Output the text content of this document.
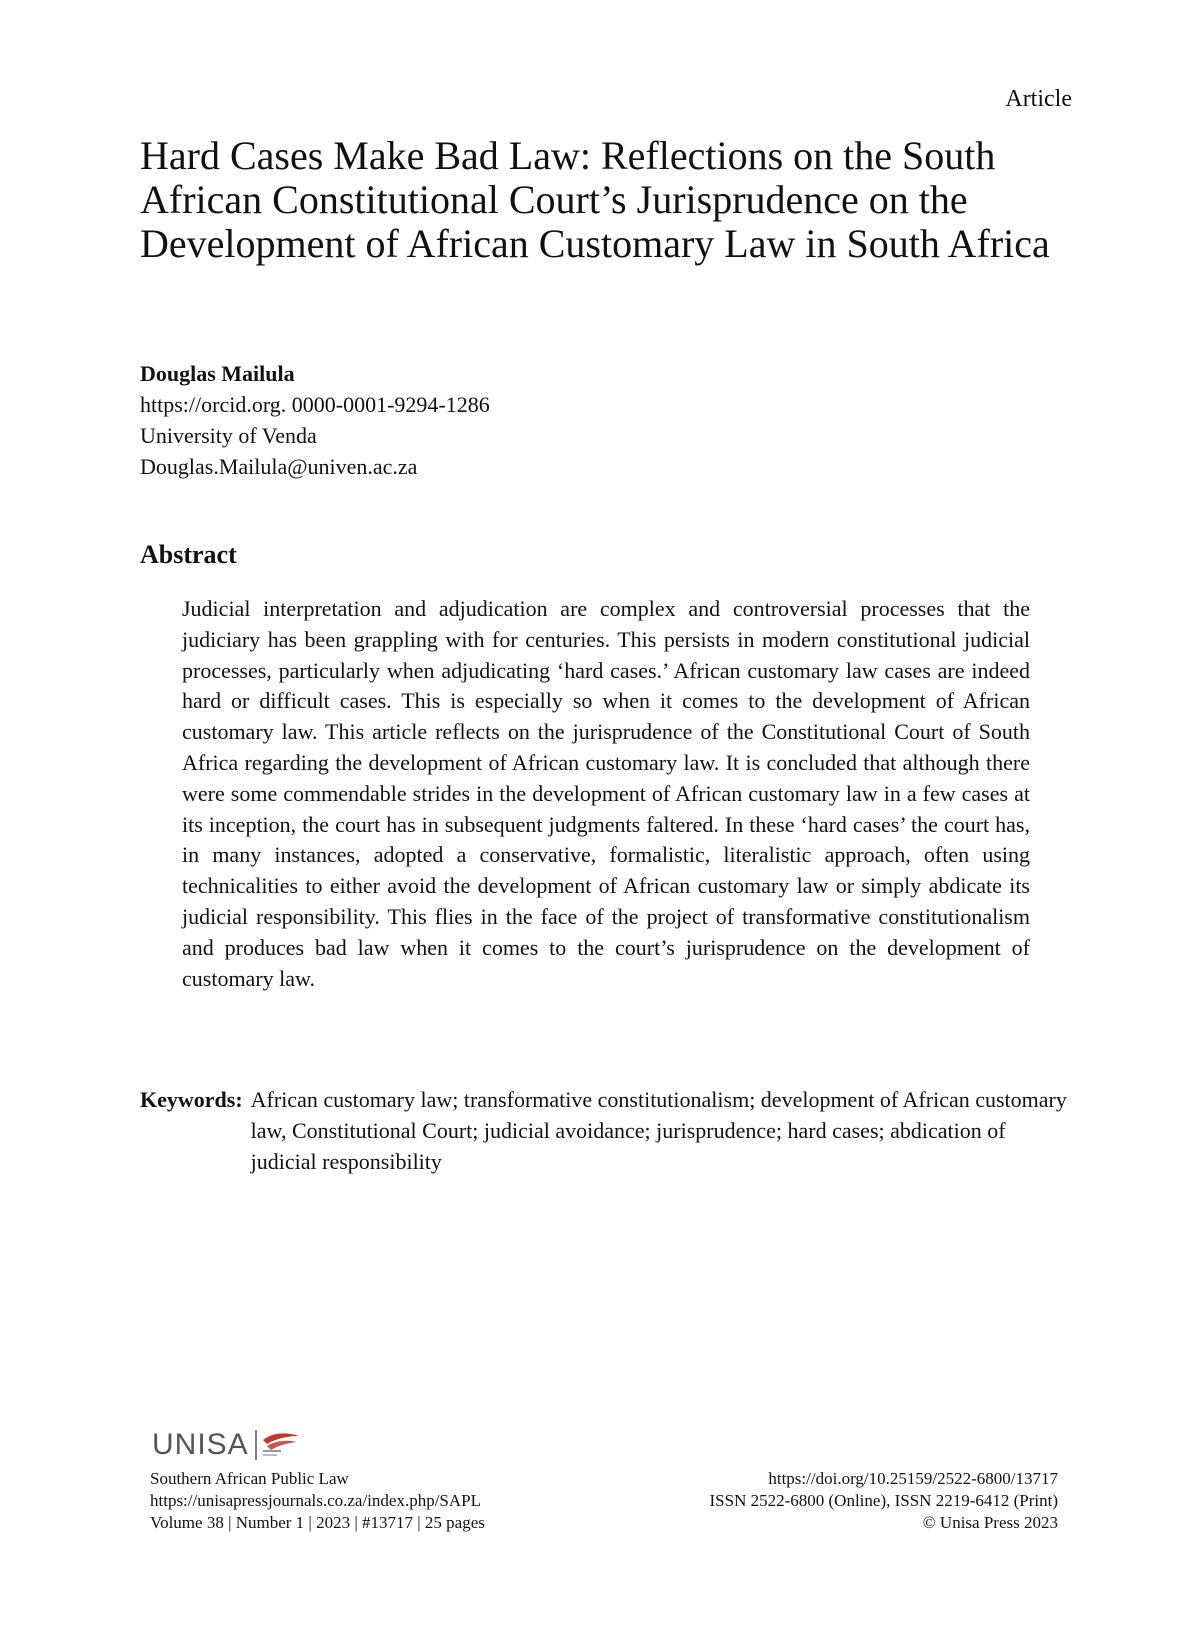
Article
Hard Cases Make Bad Law: Reflections on the South African Constitutional Court’s Jurisprudence on the Development of African Customary Law in South Africa
Douglas Mailula
https://orcid.org. 0000-0001-9294-1286
University of Venda
Douglas.Mailula@univen.ac.za
Abstract

Judicial interpretation and adjudication are complex and controversial processes that the judiciary has been grappling with for centuries. This persists in modern constitutional judicial processes, particularly when adjudicating ‘hard cases.’ African customary law cases are indeed hard or difficult cases. This is especially so when it comes to the development of African customary law. This article reflects on the jurisprudence of the Constitutional Court of South Africa regarding the development of African customary law. It is concluded that although there were some commendable strides in the development of African customary law in a few cases at its inception, the court has in subsequent judgments faltered. In these ‘hard cases’ the court has, in many instances, adopted a conservative, formalistic, literalistic approach, often using technicalities to either avoid the development of African customary law or simply abdicate its judicial responsibility. This flies in the face of the project of transformative constitutionalism and produces bad law when it comes to the court’s jurisprudence on the development of customary law.

Keywords: African customary law; transformative constitutionalism; development of African customary law, Constitutional Court; judicial avoidance; jurisprudence; hard cases; abdication of judicial responsibility
UNISA
Southern African Public Law
https://unisapressjournals.co.za/index.php/SAPL
Volume 38 | Number 1 | 2023 | #13717 | 25 pages
https://doi.org/10.25159/2522-6800/13717
ISSN 2522-6800 (Online), ISSN 2219-6412 (Print)
© Unisa Press 2023
